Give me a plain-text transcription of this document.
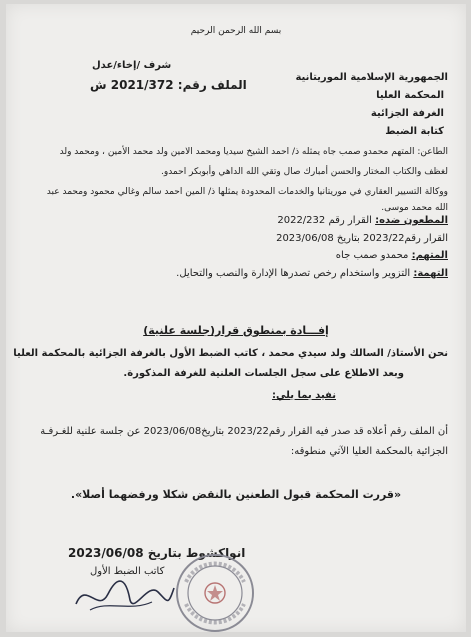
بسم الله الرحمن الرحيم
شرف /إخاء/عدل
الملف رقم: 2021/372 ش
الجمهورية الإسلامية الموريتانية
المحكمة العليا
الغرفة الجزائية
كتابة الضبط
الطاعن: المتهم محمدو صمب جاه يمثله ذ/ احمد الشيخ سيديا ومحمد الامين ولد محمد الأمين ، ومحمد ولد
لغظف والكتاب المختار والحسن أمبارك صال وتقي الله الداهي وأبوبكر احمدو.
ووكالة التسيير العقاري في موريتانيا والخدمات المحدودة يمثلها ذ/ المين احمد سالم وغالي محمود ومحمد عبد
الله محمد موسى.
المطعون ضده: القرار رقم 2022/232
القرار رقم2023/22 بتاريخ 2023/06/08
المتهم: محمدو صمب جاه
التهمة: التزوير واستخدام رخص تصدرها الإدارة والنصب والتحايل.
إفـــادة بمنطوق قرار(جلسة علنية)
نحن الأستاذ/ السالك ولد سيدي محمد ، كاتب الضبط الأول بالغرفة الجزائية بالمحكمة العليا
وبعد الاطلاع على سجل الجلسات العلنية للغرفة المذكورة.
نفيد بما يلي:
أن الملف رقم أعلاه قد صدر فيه القرار رقم2023/22 بتاريخ2023/06/08 عن جلسة علنية للغـرفـة
الجزائية بالمحكمة العليا الآتي منطوقه:
«قررت المحكمة قبول الطعنين بالنقض شكلا ورفضهما أصلا».
انواكشوط بتاريخ 2023/06/08
كاتب الضبط الأول
